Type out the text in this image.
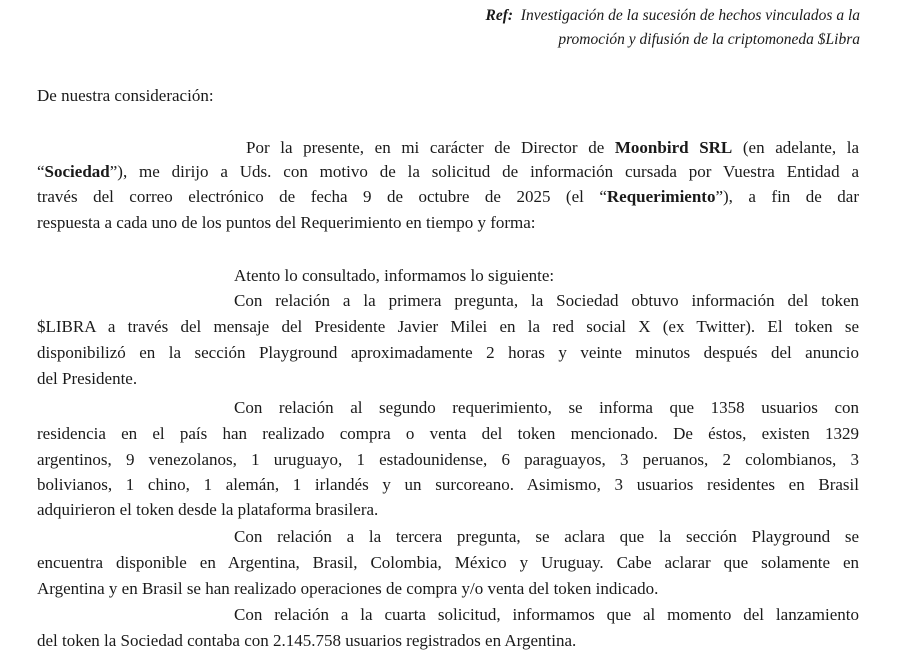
Ref: Investigación de la sucesión de hechos vinculados a la
promoción y difusión de la criptomoneda $Libra
De nuestra consideración:
Por la presente, en mi carácter de Director de Moonbird SRL (en adelante, la
“Sociedad”), me dirijo a Uds. con motivo de la solicitud de información cursada por Vuestra Entidad a
través del correo electrónico de fecha 9 de octubre de 2025 (el “Requerimiento”), a fin de dar
respuesta a cada uno de los puntos del Requerimiento en tiempo y forma:
Atento lo consultado, informamos lo siguiente:
Con relación a la primera pregunta, la Sociedad obtuvo información del token
$LIBRA a través del mensaje del Presidente Javier Milei en la red social X (ex Twitter). El token se
disponibilizó en la sección Playground aproximadamente 2 horas y veinte minutos después del anuncio
del Presidente.
Con relación al segundo requerimiento, se informa que 1358 usuarios con
residencia en el país han realizado compra o venta del token mencionado. De éstos, existen 1329
argentinos, 9 venezolanos, 1 uruguayo, 1 estadounidense, 6 paraguayos, 3 peruanos, 2 colombianos, 3
bolivianos, 1 chino, 1 alemán, 1 irlandés y un surcoreano. Asimismo, 3 usuarios residentes en Brasil
adquirieron el token desde la plataforma brasilera.
Con relación a la tercera pregunta, se aclara que la sección Playground se
encuentra disponible en Argentina, Brasil, Colombia, México y Uruguay. Cabe aclarar que solamente en
Argentina y en Brasil se han realizado operaciones de compra y/o venta del token indicado.
Con relación a la cuarta solicitud, informamos que al momento del lanzamiento
del token la Sociedad contaba con 2.145.758 usuarios registrados en Argentina.
